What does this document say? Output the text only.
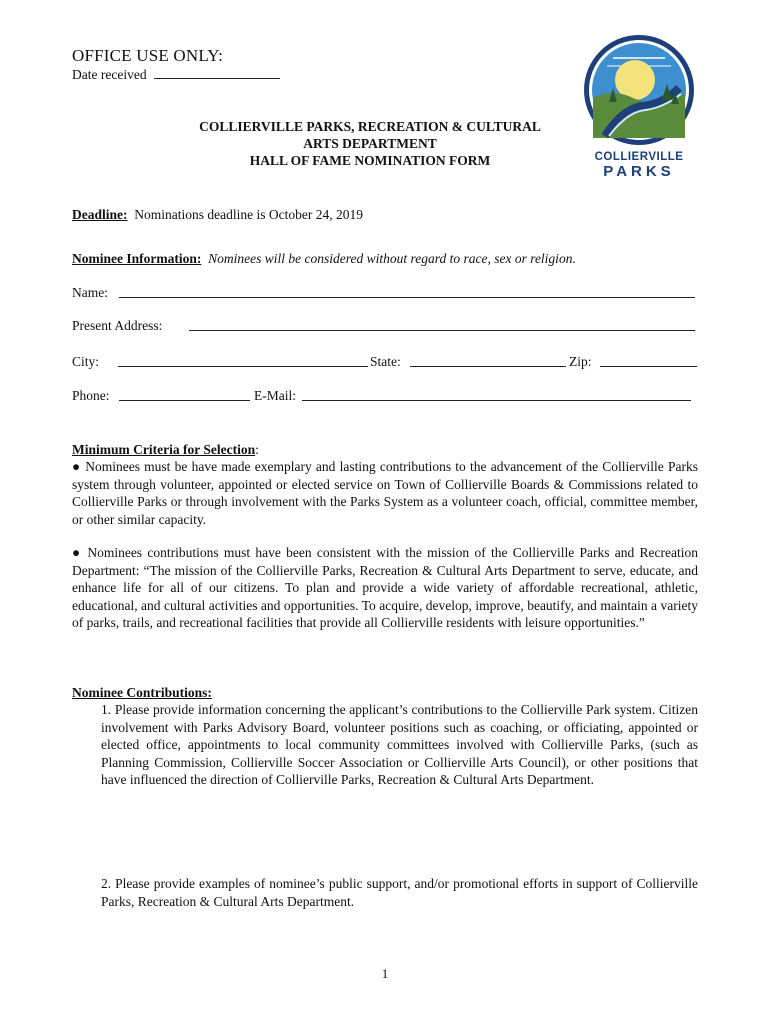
OFFICE USE ONLY:
Date received
COLLIERVILLE
PARKS
COLLIERVILLE PARKS, RECREATION & CULTURAL
ARTS DEPARTMENT
HALL OF FAME NOMINATION FORM
Deadline: Nominations deadline is October 24, 2019
Nominee Information: Nominees will be considered without regard to race, sex or religion.
Name:
Present Address:
City:	State:	Zip:
Phone:	E-Mail:
Minimum Criteria for Selection:
● Nominees must be have made exemplary and lasting contributions to the advancement of the Collierville Parks system through volunteer, appointed or elected service on Town of Collierville Boards & Commissions related to Collierville Parks or through involvement with the Parks System as a volunteer coach, official, committee member, or other similar capacity.
● Nominees contributions must have been consistent with the mission of the Collierville Parks and Recreation Department: “The mission of the Collierville Parks, Recreation & Cultural Arts Department to serve, educate, and enhance life for all of our citizens. To plan and provide a wide variety of affordable recreational, athletic, educational, and cultural activities and opportunities. To acquire, develop, improve, beautify, and maintain a variety of parks, trails, and recreational facilities that provide all Collierville residents with leisure opportunities.”
Nominee Contributions:
1. Please provide information concerning the applicant’s contributions to the Collierville Park system. Citizen involvement with Parks Advisory Board, volunteer positions such as coaching, or officiating, appointed or elected office, appointments to local community committees involved with Collierville Parks, (such as Planning Commission, Collierville Soccer Association or Collierville Arts Council), or other positions that have influenced the direction of Collierville Parks, Recreation & Cultural Arts Department.
2. Please provide examples of nominee’s public support, and/or promotional efforts in support of Collierville Parks, Recreation & Cultural Arts Department.
1
